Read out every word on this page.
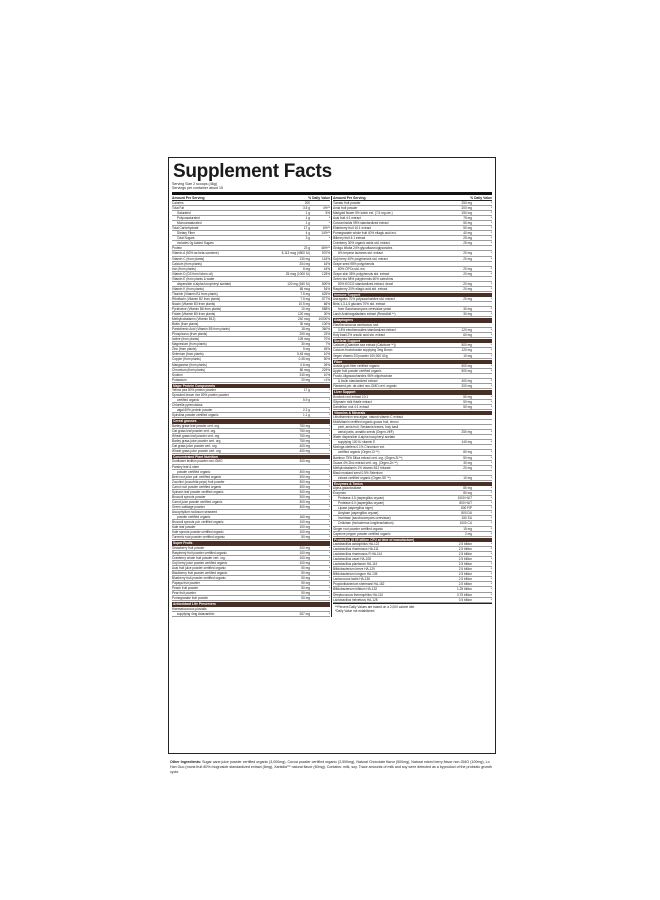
Supplement Facts
Serving Size 2 scoops (46g)
Servings per container about 15
Amount Per Serving	% Daily Value
Calories	200
Total Fat	3.5 g	4%**
Saturated	1 g	5%
Polyunsaturated	1 g	*
Monounsaturated	1 g	*
Total Carbohydrate	17 g	6%**
Dietary Fiber	4 g	14%**
Total Sugars	3 g	*
Includes 0g Added Sugars
Protein	23 g	46%**
Vitamin A (50% as beta-carotene)	5,113 mcg (4500 IU)	570%
Vitamin C (from plants)	130 mg	144%
Calcium (from plants)	204 mg	16%
Iron (from plants)	8 mg	44%
Vitamin D (D3 from lichen oil)	25 mcg (1000 IU)	125%
Vitamin E (from plants & water
dispersible d-alpha-tocopheryl acetate)	120 mg (180 IU)	800%
Vitamin K (from plants)	65 mcg	54%
Thiamin (Vitamin B1 from plants)	7.5 mg	625%
Riboflavin (Vitamin B2 from plants)	7.5 mg	577%
Niacin (Vitamin B3 from plants)	10.5 mg	66%
Pyridoxine (Vitamin B6 from plants)	10 mg	588%
Folate (Vitamin B9 from plants)	120 mcg	30%
Methylcobalamin (Vitamin B12)	240 mcg	10000%
Biotin (from plants)	30 mcg	100%
Pantothenic Acid (Vitamin B5 from plants)	18 mg	360%
Phosphorus (from plants)	290 mg	23%
Iodine (from plants)	105 mcg	70%
Magnesium (from plants)	30 mg	7%
Zinc (from plants)	5 mg	45%
Selenium (from plants)	5.45 mcg	10%
Copper (from plants)	0.45 mg	50%
Manganese (from plants)	0.6 mg	26%
Chromium (from plants)	80 mcg	229%
Sodium	240 mg	10%
Potassium	20 mg	<1%
Major Protein Components
Yellow pea 80% protein powder	17 g	*
Sprouted brown rice 80% protein powder
certified organic	5.9 g	*
Chlorella pyrenoidosa
algal 60% protein powder	2.2 g	*
Spirulina powder certified organic	1.1 g	*
Cereal grasses
Barley grass leaf powder cert. org.	750 mg	*
Oat grass leaf powder cert. org.	750 mg	*
Wheat grass leaf powder cert. org.	750 mg	*
Barley grass juice powder cert. org.	750 mg	*
Oat grass juice powder cert. org.	400 mg	*
Wheat grass juice powder cert. org.	400 mg	*
Concentrated Plant Nutrition
Sunflower lecithin powder non-GMO	300 mg	*
Parsley leaf & stem
powder certified organic	300 mg	*
Beet root juice pdr. certified organic	300 mg	*
Zucchini (cucurbita pepo) fruit powder	300 mg	*
Carrot root powder certified organic	300 mg	*
Spinach leaf powder certified organic	300 mg	*
Broccoli sprouts powder	300 mg	*
Carrot juice powder certified organic	300 mg	*
Green cabbage powder	300 mg	*
Ascophyllum nodosum seaweed
powder certified organic	160 mg	*
Broccoli sprouts pdr. certified organic	100 mg	*
Kale leaf powder	100 mg	*
Kale sprouts powder certified organic	100 mg	*
Turmeric root powder certified organic	50 mg	*
Super Fruits
Strawberry fruit powder	200 mg	*
Raspberry fruit powder certified organic	100 mg	*
Cranberry whole fruit powder cert. org.	100 mg	*
Goji berry juice powder certified organic	100 mg	*
Acai fruit juice powder certified organic	50 mg	*
Blackberry fruit powder certified organic	50 mg	*
Blueberry fruit powder certified organic	50 mg	*
Papaya fruit powder	50 mg	*
Peach fruit powder	50 mg	*
Pear fruit powder	50 mg	*
Pomegranate fruit powder	50 mg	*
Antioxidant Life Preservers
Haematococcus pluvialis
supplying 4mg Astaxanthin	267 mg	*
Amount Per Serving	% Daily Value
Tomato fruit powder	250 mg	*
Amla fruit powder	200 mg	*
Marigold flower 5% lutein ext. (7.5 mg ute.)	150 mg	*
Acai fruit 4:1 extract	75 mg	*
Curcuminoids 95% standardized extract	50 mg	*
Elderberry fruit 10:1 extract	50 mg	*
Pomegranate whole fruit 40% ellagic acid ext.	40 mg	*
Bilberry fruit 4:1 extract	25 mg	*
Cranberry 30% organic acids std. extract	25 mg	*
Ginkgo biloba 24% glycoflavonoglycosides
6% terpene lactones std. extract	20 mg	*
Goji berry 40% polyphenols std. extract	20 mg	*
Grape seed 95% polyphenols
80% OPCs std. ext.	20 mg	*
Grape skin 35% polyphenols std. extract	20 mg	*
Green tea 98% polyphenols 60% catechins
50% EGCG standardized extract, decaf	20 mg	*
Raspberry 20% ellagic acid std. extract	20 mg	*
Immune Support
Astragalus 70% polysaccharides std. extract	20 mg	*
Beta 1,3-1,6 glucans 70% std. extract
from Saccharomyces cerevisiae yeast	30 mg	*
Larch Arabinogalactans extract (ResistAid™)	30 mg	*
Adaptogens
Eleutherococcus senticosus root
0.8% eleutherosides standardized extract	120 mg	*
Holy basil 2% ursolic acid std. extract	60 mg	*
Skeletal Support
Calcium (Quantum sea extract (Calcitone™))	500 mg	*
Calcium fructoborate supplying 3mg Boron	120 mg	*
Vegan vitamin D3 powder 100,000 IU/g	10 mg	*
Fiber
Acacia gum fiber certified organic	500 mg	*
Apple fruit powder certified organic	500 mg	*
Fructo-oligosaccharides 96% oligofructose
& inulin standardized extract	400 mg	*
Flaxseed pdr. de-oiled non-GMO cert. organic	200 mg	*
Liver Support
Burdock root extract 10:1	50 mg	*
Silymarin milk thistle extract	50 mg	*
Dandelion root 4:1 extract	50 mg	*
Vitamins & Minerals
Lithothamnion sea algae, natural vitamin C extract
Multivitamin certified organic guava fruit, lemon
peel, amla fruit, Sesbania leaves, holy basil
aerial parts, annatto seeds (Orgen-Vit®)	250 mg	*
Water dispersible d-alpha tocopheryl acetate
supplying 100 IU vitamin E	140 mg	*
Moringa oleifera 0.1% Chromium ext.
certified organic (Orgen-Cr™)	80 mg	*
Bamboo 75% Silica extract cert. org. (Orgen-Si™)	50 mg	*
Guava 4% Zinc extract cert. org. (Orgen-Zn™)	30 mg	*
Methylcobalamin 1% vitamin B12 triturate	20 mg	*
Black mustard seed 0.5% Selenium
extract certified organic (Orgen-SE™)	10 mg	*
Enzymes & Tonics
Alpha-galactosidase	80 mg	*
Enzymes	80 mg	*
Protease 4.5 (aspergillus oryzae)	1000 HUT	*
Protease 6.0 (aspergillus oryzae)	800 HUT	*
Lipase (aspergillus niger)	500 FIP	*
Amylase (aspergillus oryzae)	800 DU	*
Invertase (saccharomyces cerevisiae)	150 SU	*
Cellulase (trichoderma longibrachiatum)	1000 CU	*
Ginger root powder certified organic	15 mg	*
Cayenne pepper powder certified organic	2 mg	*
Probiotics (5.95 billion CFU at time of manufacture)
Lactobacillus acidophilus HA-122	2.5 billion	*
Lactobacillus rhamnosus HA-111	2.5 billion	*
Lactobacillus rhamnosus R HA-114	2.5 billion	*
Lactobacillus casei HA-108	2.5 billion	*
Lactobacillus plantarum HA-119	2.5 billion	*
Bifidobacterium breve HA-129	2.5 billion	*
Bifidobacterium longum HA-135	2.5 billion	*
Lactococcus lactis HA-136	2.5 billion	*
Propionibacterium shermanii HA-182	2.5 billion	*
Bifidobacterium bifidum HA-132	1.25 billion	*
Streptococcus thermophilus HA-110	0.75 billion	*
Lactobacillus helveticus HA-128	0.5 billion	*
**Percent Daily Values are based on a 2,000 calorie diet.
*Daily Value not established
Other Ingredients: Sugar cane juice powder certified organic (3,000mg), Cocoa powder certified organic (2,500mg), Natural Chocolate flavor (500mg), Natural mixed berry flavor non-GMO (100mg), Lo Han Guo (monk fruit 80% mogroside standardized extract (8mg), Xantidia™ natural flavor (60mg). Contains: milk, soy. Trace amounts of milk and soy were detected as a byproduct of the probiotic growth cycle.
